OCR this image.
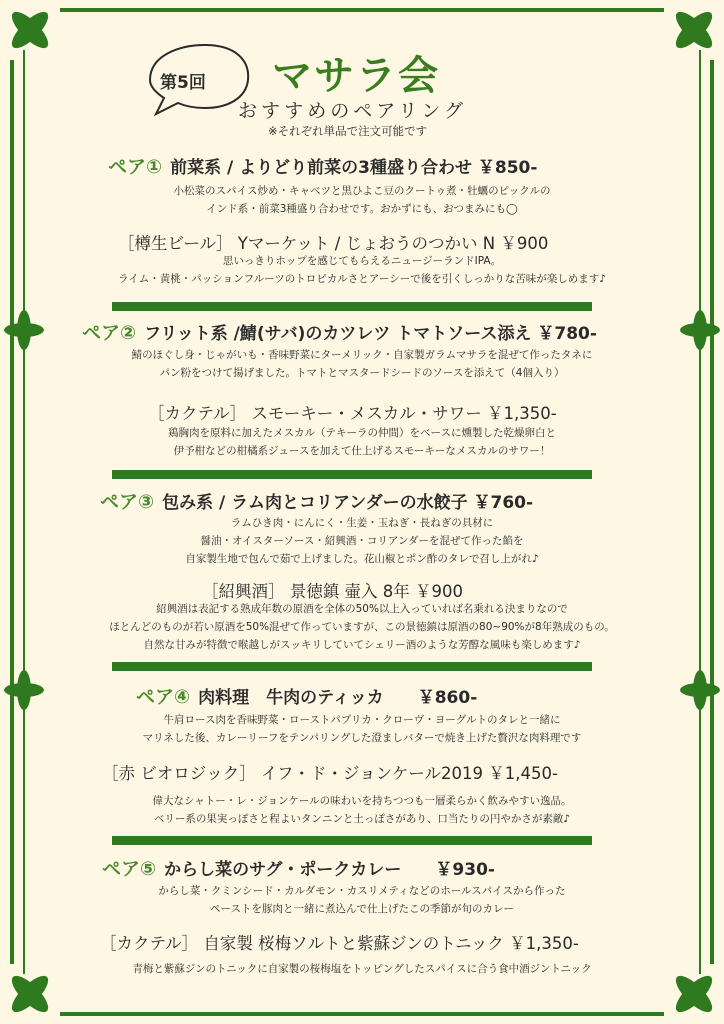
第5回 マサラ会
おすすめのペアリング
※それぞれ単品で注文可能です
ペア① 前菜系 / よりどり前菜の3種盛り合わせ ￥850-
小松菜のスパイス炒め・キャベツと黒ひよこ豆のクートゥ煮・牡蠣のピックルの
インド系・前菜3種盛り合わせです。おかずにも、おつまみにも◯
［樽生ビール］ Yマーケット / じょおうのつかい N ￥900
思いっきりホップを感じてもらえるニュージーランドIPA。
ライム・黄桃・パッションフルーツのトロピカルさとアーシーで後を引くしっかりな苦味が楽しめます♪
ペア② フリット系 /鯖(サバ)のカツレツ トマトソース添え ￥780-
鯖のほぐし身・じゃがいも・香味野菜にターメリック・自家製ガラムマサラを混ぜて作ったタネに
パン粉をつけて揚げました。トマトとマスタードシードのソースを添えて（4個入り）
［カクテル］ スモーキー・メスカル・サワー ￥1,350-
鶏胸肉を原料に加えたメスカル（テキーラの仲間）をベースに燻製した乾燥卵白と
伊予柑などの柑橘系ジュースを加えて仕上げるスモーキーなメスカルのサワー！
ペア③ 包み系 / ラム肉とコリアンダーの水餃子 ￥760-
ラムひき肉・にんにく・生姜・玉ねぎ・長ねぎの具材に
醤油・オイスターソース・紹興酒・コリアンダーを混ぜて作った餡を
自家製生地で包んで茹で上げました。花山椒とポン酢のタレで召し上がれ♪
［紹興酒］ 景徳鎮 壷入 8年 ￥900
紹興酒は表記する熟成年数の原酒を全体の50%以上入っていれば名乗れる決まりなので
ほとんどのものが若い原酒を50%混ぜて作っていますが、この景徳鎮は原酒の80~90%が8年熟成のもの。
自然な甘みが特徴で喉越しがスッキリしていてシェリー酒のような芳醇な風味も楽しめます♪
ペア④ 肉料理　牛肉のティッカ　　￥860-
牛肩ロース肉を香味野菜・ローストパプリカ・クローヴ・ヨーグルトのタレと一緒に
マリネした後、カレーリーフをテンパリングした澄ましバターで焼き上げた贅沢な肉料理です
［赤 ビオロジック］ イフ・ド・ジョンケール2019 ￥1,450-
偉大なシャトー・レ・ジョンケールの味わいを持ちつつも一層柔らかく飲みやすい逸品。
ベリー系の果実っぽさと程よいタンニンと土っぽさがあり、口当たりの円やかさが素敵♪
ペア⑤ からし菜のサグ・ポークカレー　　￥930-
からし菜・クミンシード・カルダモン・カスリメティなどのホールスパイスから作った
ペーストを豚肉と一緒に煮込んで仕上げたこの季節が旬のカレー
［カクテル］ 自家製 桜梅ソルトと紫蘇ジンのトニック ￥1,350-
青梅と紫蘇ジンのトニックに自家製の桜梅塩をトッピングしたスパイスに合う食中酒ジントニック
